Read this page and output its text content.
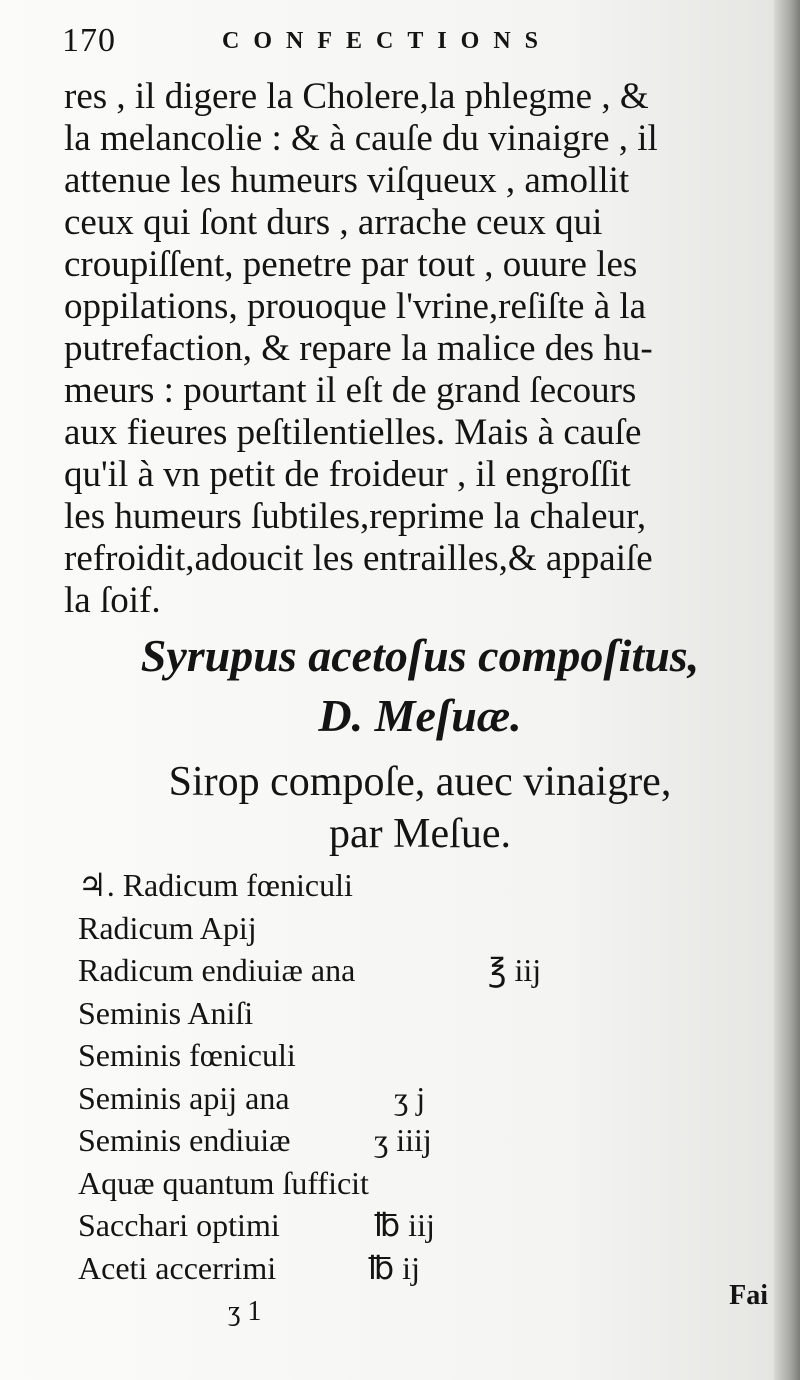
170	CONFECTIONS
res , il digere la Cholere,la phlegme , &
la melancolie : & à cauſe du vinaigre , il
attenue les humeurs viſqueux , amollit
ceux qui ſont durs , arrache ceux qui
croupiſſent, penetre par tout , ouure les
oppilations, prouoque l'vrine,reſiſte à la
putrefaction, & repare la malice des hu-
meurs : pourtant il eſt de grand ſecours
aux fieures peſtilentielles. Mais à cauſe
qu'il à vn petit de froideur , il engroſſit
les humeurs ſubtiles,reprime la chaleur,
refroidit,adoucit les entrailles,& appaiſe
la ſoif.
Syrupus acetoſus compoſitus,
D. Meſuæ.
Sirop compoſe, auec vinaigre,
par Meſue.
♃. Radicum fœniculi
Radicum Apij
Radicum endiuiæ ana	℥ iij
Seminis Aniſi
Seminis fœniculi
Seminis apij ana	ʒ j
Seminis endiuiæ	ʒ iiij
Aquæ quantum ſufficit
Sacchari optimi	℔ iij
Aceti accerrimi	℔ ij
ʒ 1
Fai
